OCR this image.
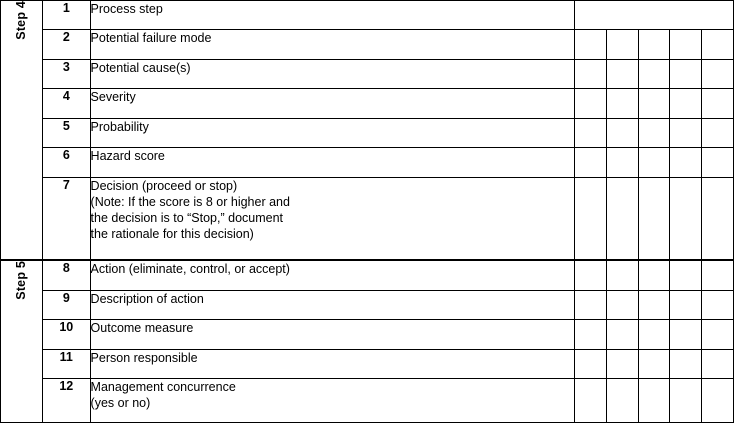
Step 4	1	Process step					

	2	Potential failure mode					

	3	Potential cause(s)					

	4	Severity					

	5	Probability					

	6	Hazard score					

	7	Decision (proceed or stop)
(Note: If the score is 8 or higher and
the decision is to “Stop,” document
the rationale for this decision)					

Step 5	8	Action (eliminate, control, or accept)					

	9	Description of action					

	10	Outcome measure					

	11	Person responsible					

	12	Management concurrence
(yes or no)					
